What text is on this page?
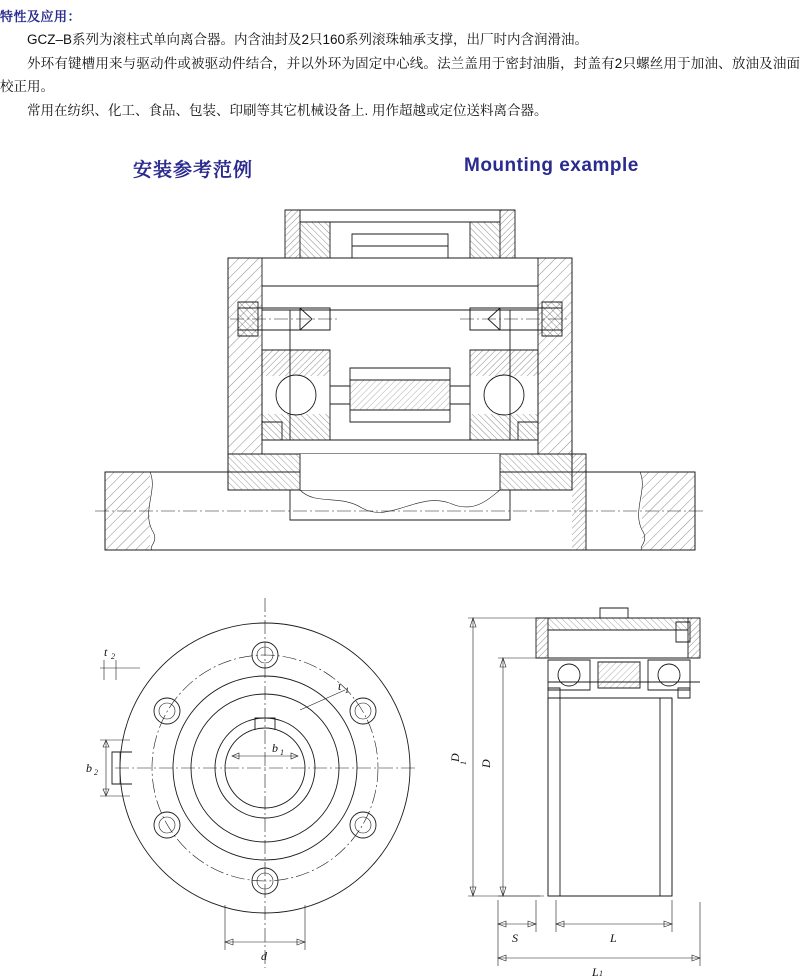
特性及应用：

GCZ–B系列为滚柱式单向离合器。内含油封及2只160系列滚珠轴承支撑，出厂时内含润滑油。

外环有键槽用来与驱动件或被驱动件结合，并以外环为固定中心线。法兰盖用于密封油脂，封盖有2只螺丝用于加油、放油及油面校正用。

常用在纺织、化工、食品、包装、印刷等其它机械设备上. 用作超越或定位送料离合器。

安装参考范例	Mounting example
t 2
t 1
b 1
b 2
d
D
1 D
S	L
L 1
